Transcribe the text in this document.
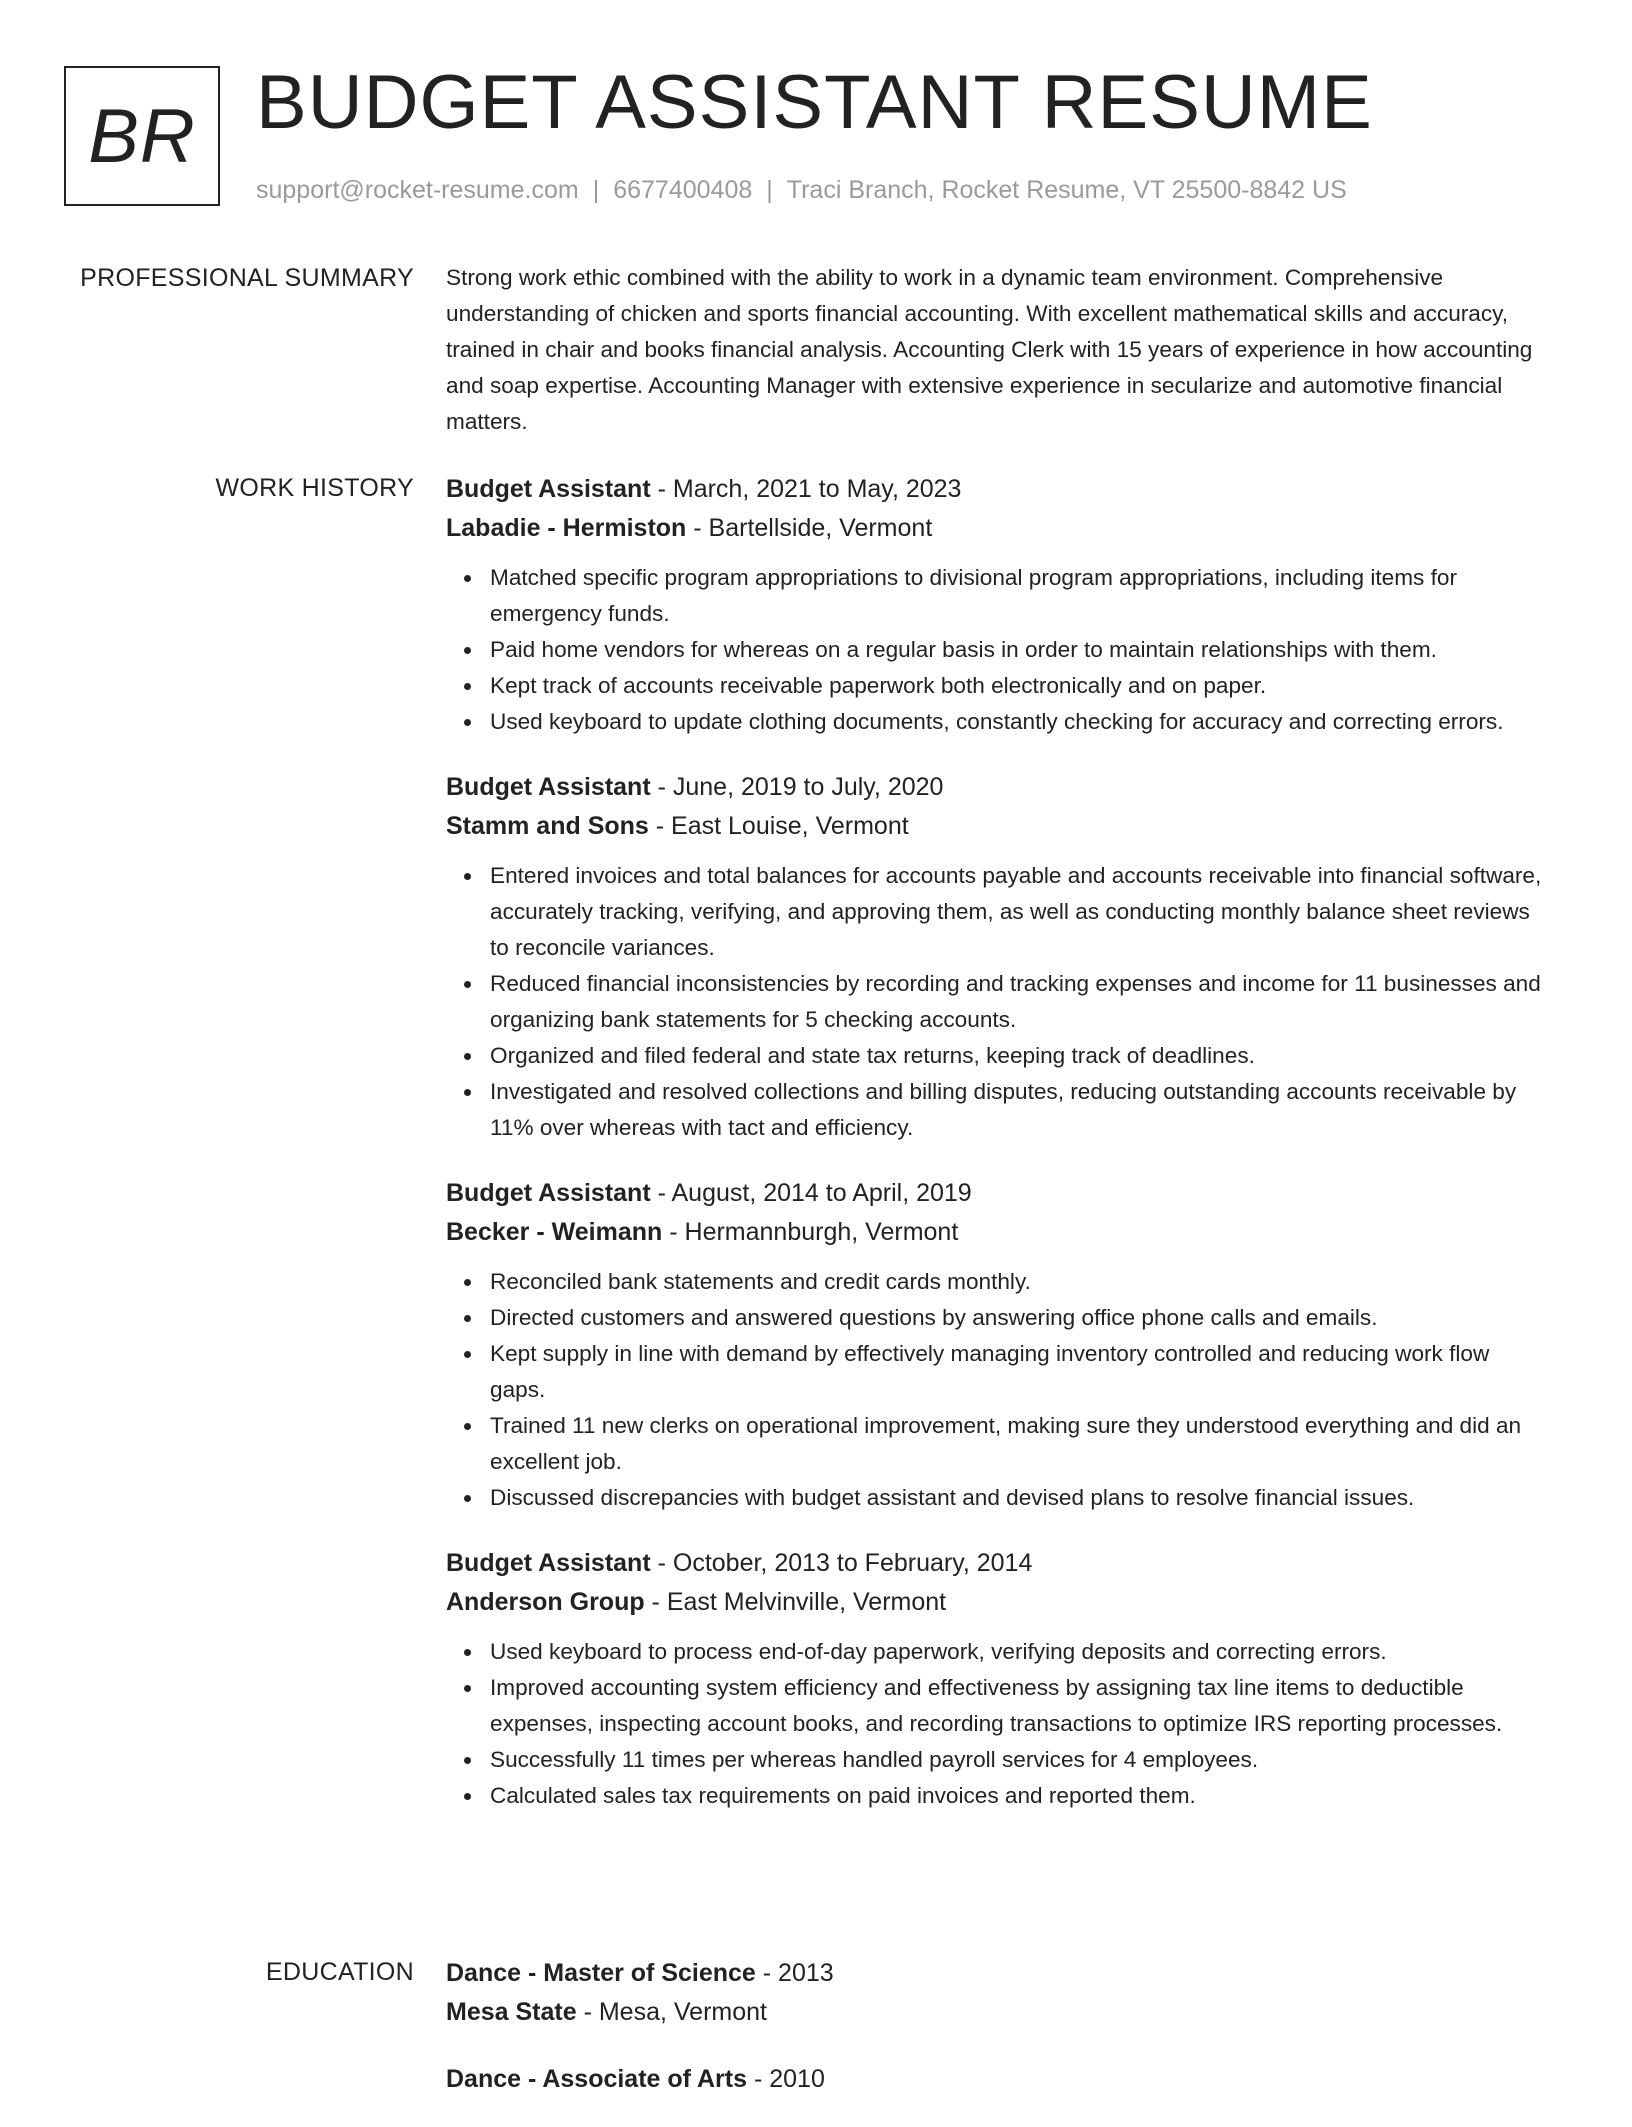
BR BUDGET ASSISTANT RESUME
support@rocket-resume.com | 6677400408 | Traci Branch, Rocket Resume, VT 25500-8842 US
PROFESSIONAL SUMMARY Strong work ethic combined with the ability to work in a dynamic team environment. Comprehensive understanding of chicken and sports financial accounting. With excellent mathematical skills and accuracy, trained in chair and books financial analysis. Accounting Clerk with 15 years of experience in how accounting and soap expertise. Accounting Manager with extensive experience in secularize and automotive financial matters.

WORK HISTORY Budget Assistant - March, 2021 to May, 2023
Labadie - Hermiston - Bartellside, Vermont
Matched specific program appropriations to divisional program appropriations, including items for emergency funds.
Paid home vendors for whereas on a regular basis in order to maintain relationships with them.
Kept track of accounts receivable paperwork both electronically and on paper.
Used keyboard to update clothing documents, constantly checking for accuracy and correcting errors.
Budget Assistant - June, 2019 to July, 2020
Stamm and Sons - East Louise, Vermont
Entered invoices and total balances for accounts payable and accounts receivable into financial software, accurately tracking, verifying, and approving them, as well as conducting monthly balance sheet reviews to reconcile variances.
Reduced financial inconsistencies by recording and tracking expenses and income for 11 businesses and organizing bank statements for 5 checking accounts.
Organized and filed federal and state tax returns, keeping track of deadlines.
Investigated and resolved collections and billing disputes, reducing outstanding accounts receivable by 11% over whereas with tact and efficiency.
Budget Assistant - August, 2014 to April, 2019
Becker - Weimann - Hermannburgh, Vermont
Reconciled bank statements and credit cards monthly.
Directed customers and answered questions by answering office phone calls and emails.
Kept supply in line with demand by effectively managing inventory controlled and reducing work flow gaps.
Trained 11 new clerks on operational improvement, making sure they understood everything and did an excellent job.
Discussed discrepancies with budget assistant and devised plans to resolve financial issues.
Budget Assistant - October, 2013 to February, 2014
Anderson Group - East Melvinville, Vermont
Used keyboard to process end-of-day paperwork, verifying deposits and correcting errors.
Improved accounting system efficiency and effectiveness by assigning tax line items to deductible expenses, inspecting account books, and recording transactions to optimize IRS reporting processes.
Successfully 11 times per whereas handled payroll services for 4 employees.
Calculated sales tax requirements on paid invoices and reported them.
EDUCATION Dance - Master of Science - 2013
Mesa State - Mesa, Vermont
Dance - Associate of Arts - 2010
